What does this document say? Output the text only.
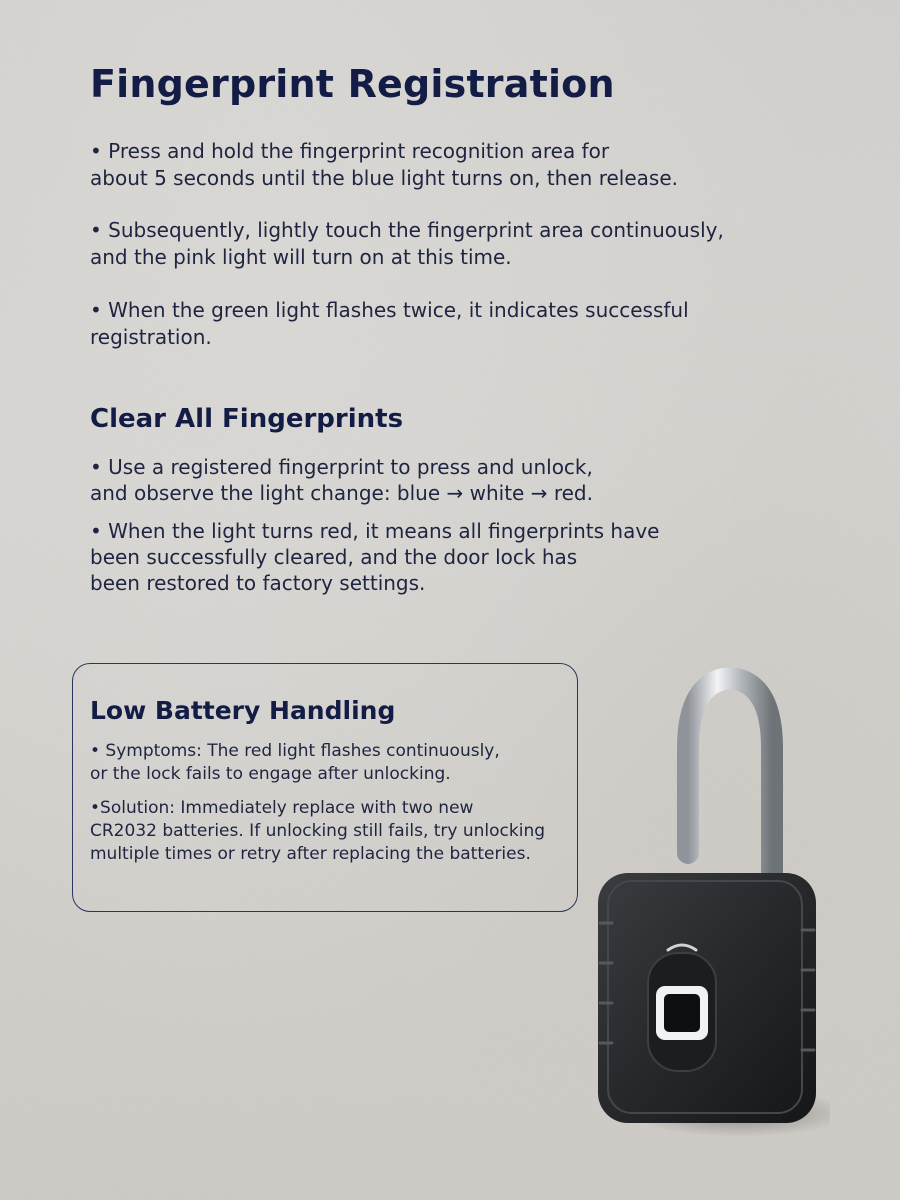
Fingerprint Registration

• Press and hold the fingerprint recognition area for
about 5 seconds until the blue light turns on, then release.

• Subsequently, lightly touch the fingerprint area continuously,
and the pink light will turn on at this time.

• When the green light flashes twice, it indicates successful
registration.

Clear All Fingerprints

• Use a registered fingerprint to press and unlock,
and observe the light change: blue → white → red.

• When the light turns red, it means all fingerprints have
been successfully cleared, and the door lock has
been restored to factory settings.

Low Battery Handling

• Symptoms: The red light flashes continuously,
or the lock fails to engage after unlocking.

•Solution: Immediately replace with two new
CR2032 batteries. If unlocking still fails, try unlocking
multiple times or retry after replacing the batteries.
